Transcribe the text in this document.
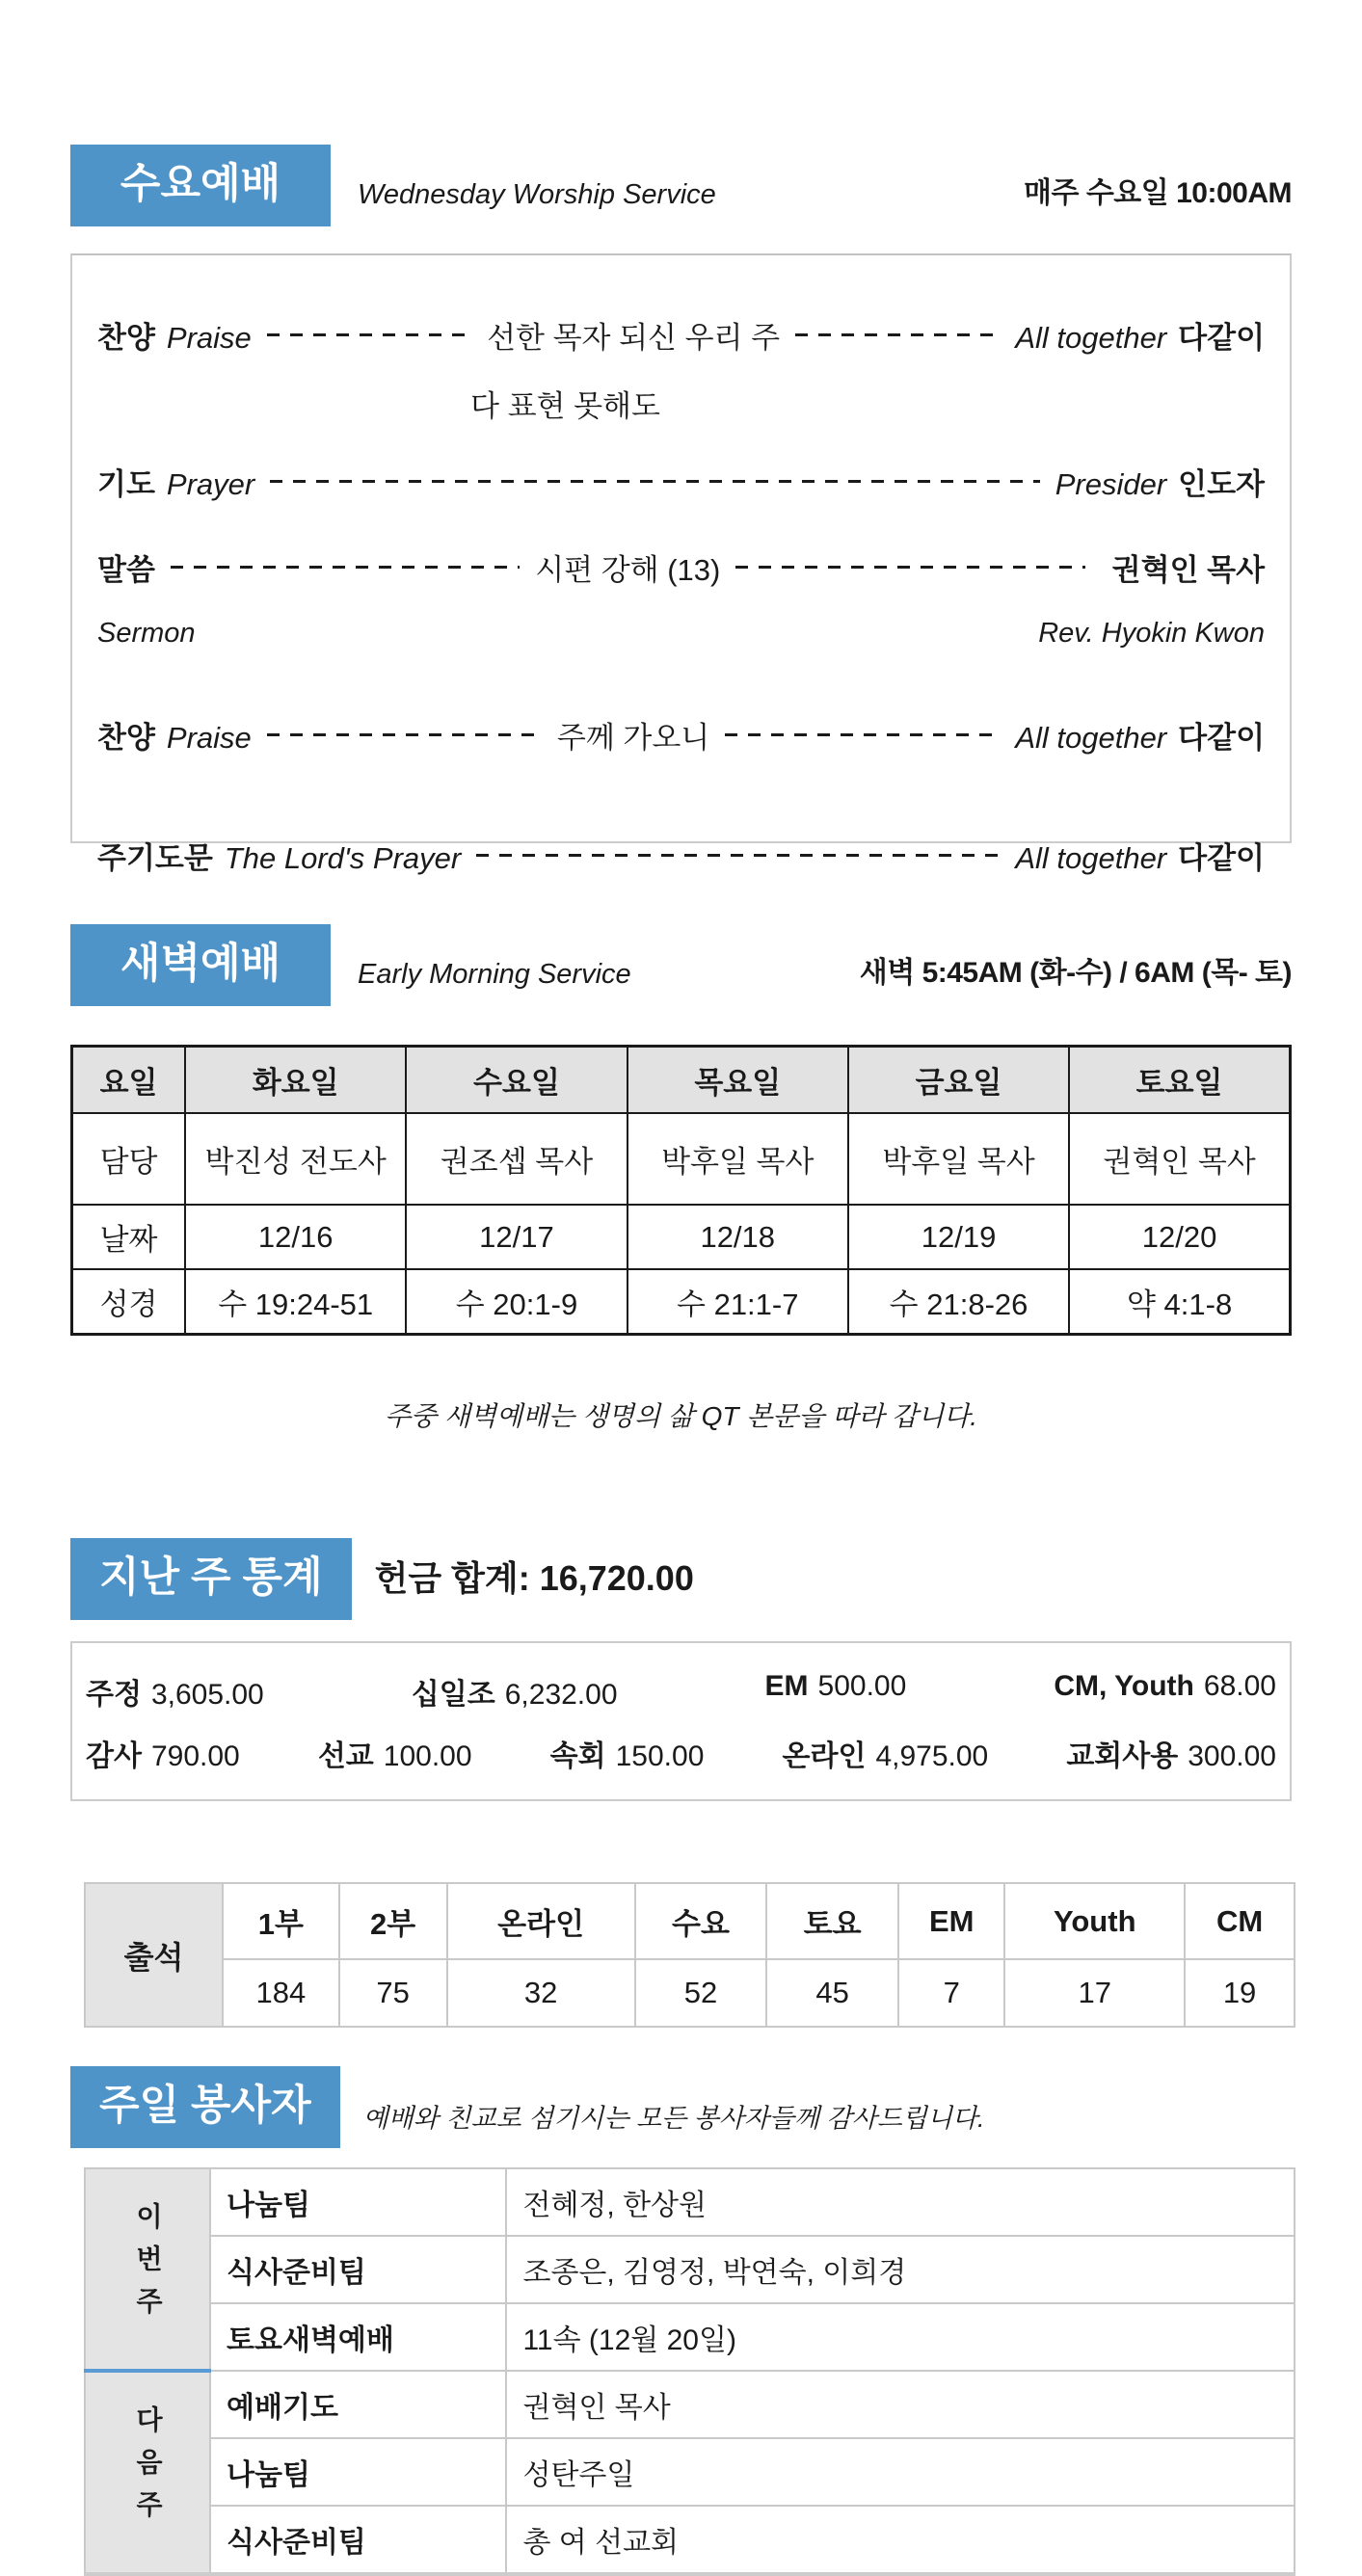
수요예배	Wednesday Worship Service	매주 수요일 10:00AM
찬양 Praise	선한 목자 되신 우리 주	All together 다같이
다 표현 못해도
기도 Prayer	Presider 인도자
말씀	시편 강해 (13)	권혁인 목사
Sermon	Rev. Hyokin Kwon
찬양 Praise	주께 가오니	All together 다같이
주기도문 The Lord's Prayer	All together 다같이
새벽예배	Early Morning Service	새벽 5:45AM (화-수) / 6AM (목- 토)
요일	화요일	수요일	목요일	금요일	토요일
담당	박진성 전도사	권조셉 목사	박후일 목사	박후일 목사	권혁인 목사
날짜	12/16	12/17	12/18	12/19	12/20
성경	수 19:24-51	수 20:1-9	수 21:1-7	수 21:8-26	약 4:1-8
주중 새벽예배는 생명의 삶 QT 본문을 따라 갑니다.
지난 주 통계	헌금 합계: 16,720.00
주정 3,605.00	십일조 6,232.00	EM 500.00	CM, Youth 68.00
감사 790.00	선교 100.00	속회 150.00	온라인 4,975.00	교회사용 300.00
출석	1부	2부	온라인	수요	토요	EM	Youth	CM
	184	75	32	52	45	7	17	19
주일 봉사자	예배와 친교로 섬기시는 모든 봉사자들께 감사드립니다.
이번주	나눔팀	전혜정, 한상원
	식사준비팀	조종은, 김영정, 박연숙, 이희경
	토요새벽예배	11속 (12월 20일)
다음주	예배기도	권혁인 목사
	나눔팀	성탄주일
	식사준비팀	총 여 선교회
